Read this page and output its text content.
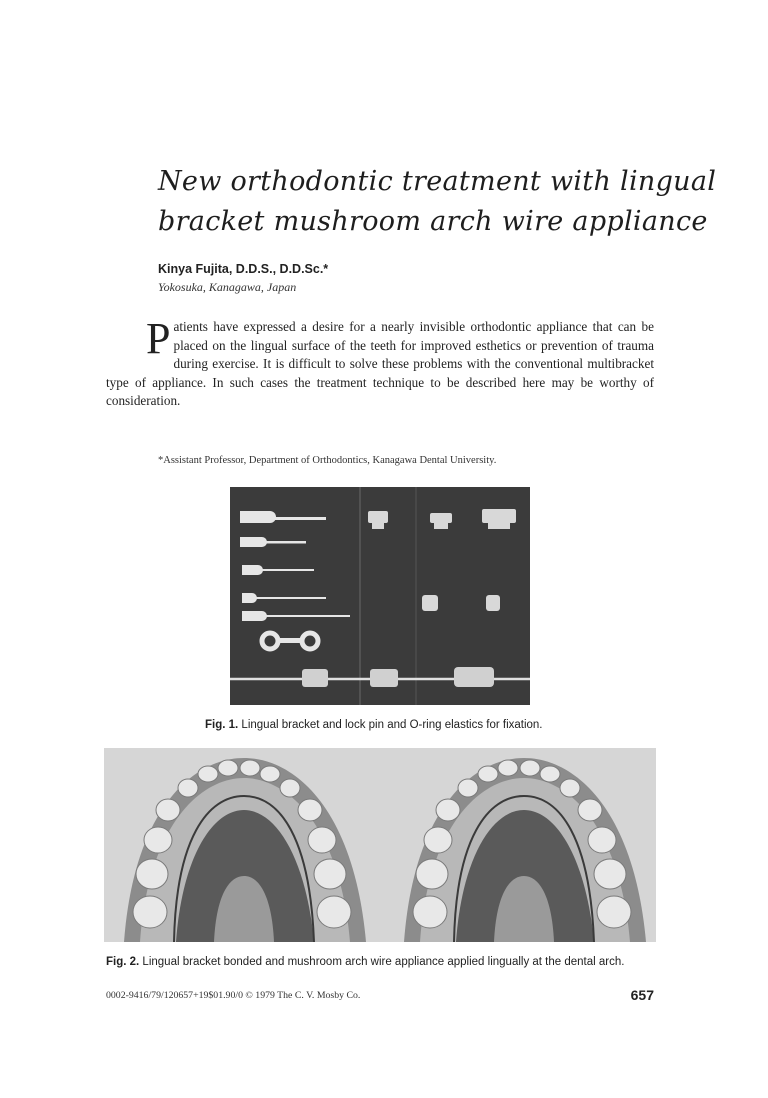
New orthodontic treatment with lingual
bracket mushroom arch wire appliance
Kinya Fujita, D.D.S., D.D.Sc.*
Yokosuka, Kanagawa, Japan
P atients have expressed a desire for a nearly invisible orthodontic appliance that can be placed on the lingual surface of the teeth for improved esthetics or prevention of trauma during exercise. It is difficult to solve these problems with the conventional multibracket type of appliance. In such cases the treatment technique to be described here may be worthy of consideration.
*Assistant Professor, Department of Orthodontics, Kanagawa Dental University.
Fig. 1. Lingual bracket and lock pin and O-ring elastics for fixation.
Fig. 2. Lingual bracket bonded and mushroom arch wire appliance applied lingually at the dental arch.
0002-9416/79/120657+19$01.90/0 © 1979 The C. V. Mosby Co.	657
